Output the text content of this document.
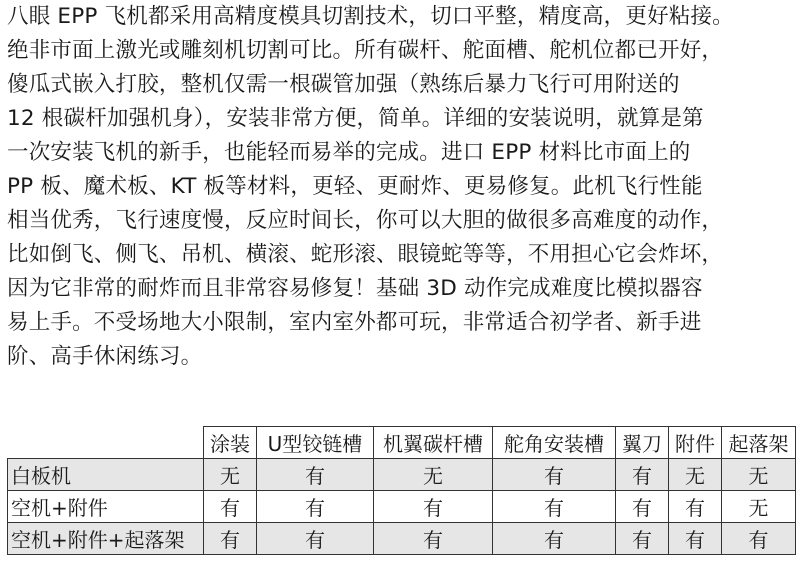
八眼 EPP 飞机都采用高精度模具切割技术，切口平整，精度高，更好粘接。
绝非市面上激光或雕刻机切割可比。所有碳杆、舵面槽、舵机位都已开好，
傻瓜式嵌入打胶，整机仅需一根碳管加强（熟练后暴力飞行可用附送的
12 根碳杆加强机身），安装非常方便，简单。详细的安装说明，就算是第
一次安装飞机的新手，也能轻而易举的完成。进口 EPP 材料比市面上的
PP 板、魔术板、KT 板等材料，更轻、更耐炸、更易修复。此机飞行性能
相当优秀，飞行速度慢，反应时间长，你可以大胆的做很多高难度的动作，
比如倒飞、侧飞、吊机、横滚、蛇形滚、眼镜蛇等等，不用担心它会炸坏，
因为它非常的耐炸而且非常容易修复！基础 3D 动作完成难度比模拟器容
易上手。不受场地大小限制，室内室外都可玩，非常适合初学者、新手进
阶、高手休闲练习。
	涂装	U型铰链槽	机翼碳杆槽	舵角安装槽	翼刀	附件	起落架
白板机	无	有	无	有	有	无	无
空机+附件	有	有	有	有	有	有	无
空机+附件+起落架	有	有	有	有	有	有	有
